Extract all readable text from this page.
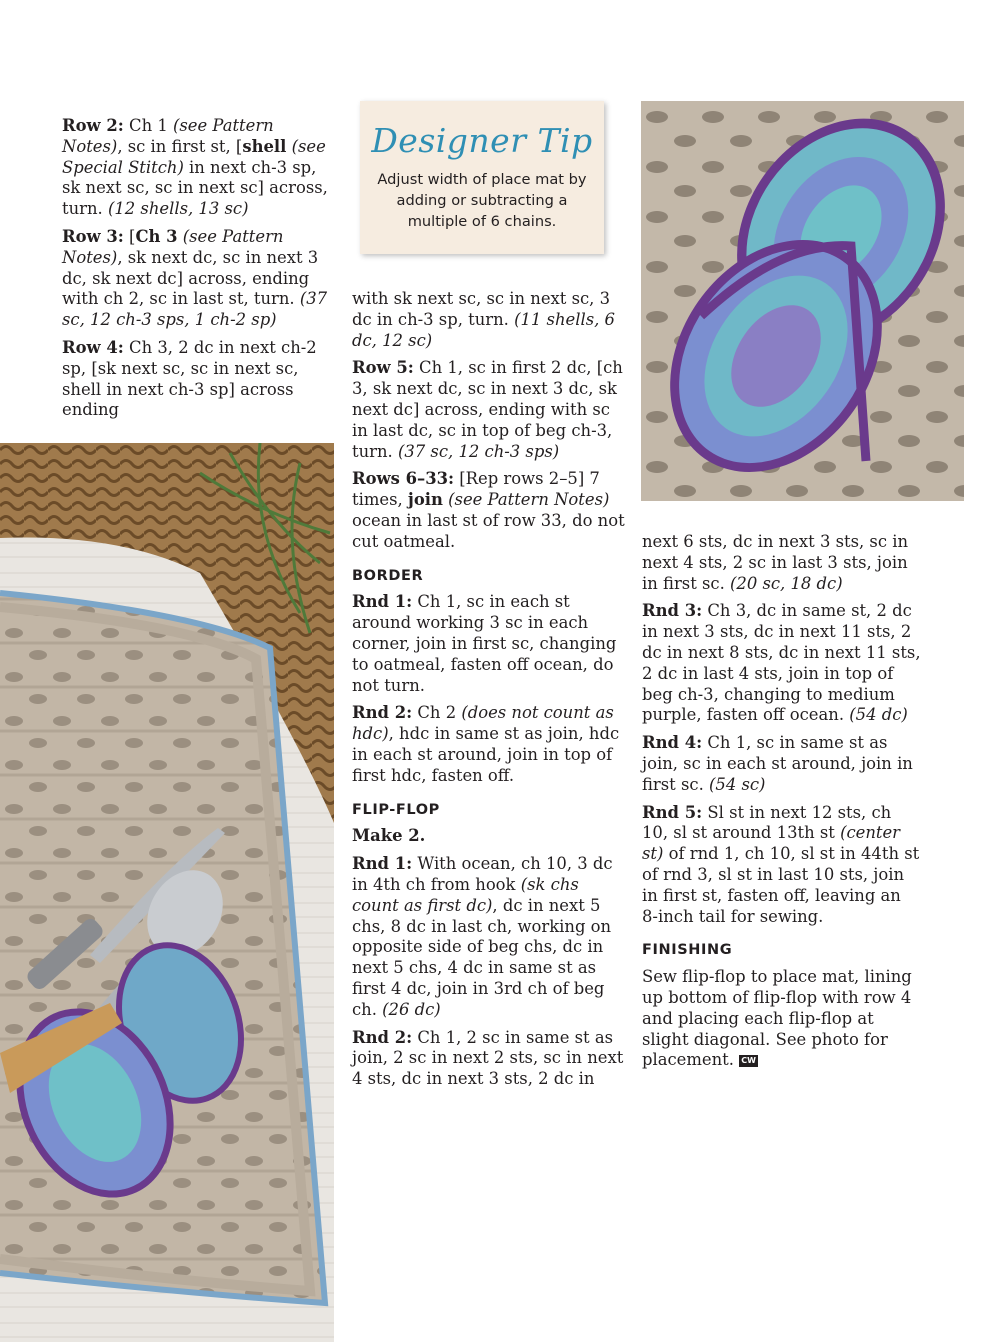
Row 2: Ch 1 (see Pattern Notes), sc in first st, [shell (see Special Stitch) in next ch-3 sp, sk next sc, sc in next sc] across, turn. (12 shells, 13 sc)

Row 3: [Ch 3 (see Pattern Notes), sk next dc, sc in next 3 dc, sk next dc] across, ending with ch 2, sc in last st, turn. (37 sc, 12 ch-3 sps, 1 ch-2 sp)

Row 4: Ch 3, 2 dc in next ch-2 sp, [sk next sc, sc in next sc, shell in next ch-3 sp] across ending

Designer Tip
Adjust width of place mat by adding or subtracting a multiple of 6 chains.

with sk next sc, sc in next sc, 3 dc in ch-3 sp, turn. (11 shells, 6 dc, 12 sc)

Row 5: Ch 1, sc in first 2 dc, [ch 3, sk next dc, sc in next 3 dc, sk next dc] across, ending with sc in last dc, sc in top of beg ch-3, turn. (37 sc, 12 ch-3 sps)

Rows 6–33: [Rep rows 2–5] 7 times, join (see Pattern Notes) ocean in last st of row 33, do not cut oatmeal.

BORDER

Rnd 1: Ch 1, sc in each st around working 3 sc in each corner, join in first sc, changing to oatmeal, fasten off ocean, do not turn.

Rnd 2: Ch 2 (does not count as hdc), hdc in same st as join, hdc in each st around, join in top of first hdc, fasten off.

FLIP-FLOP
Make 2.

Rnd 1: With ocean, ch 10, 3 dc in 4th ch from hook (sk chs count as first dc), dc in next 5 chs, 8 dc in last ch, working on opposite side of beg chs, dc in next 5 chs, 4 dc in same st as first 4 dc, join in 3rd ch of beg ch. (26 dc)

Rnd 2: Ch 1, 2 sc in same st as join, 2 sc in next 2 sts, sc in next 4 sts, dc in next 3 sts, 2 dc in

next 6 sts, dc in next 3 sts, sc in next 4 sts, 2 sc in last 3 sts, join in first sc. (20 sc, 18 dc)

Rnd 3: Ch 3, dc in same st, 2 dc in next 3 sts, dc in next 11 sts, 2 dc in next 8 sts, dc in next 11 sts, 2 dc in last 4 sts, join in top of beg ch-3, changing to medium purple, fasten off ocean. (54 dc)

Rnd 4: Ch 1, sc in same st as join, sc in each st around, join in first sc. (54 sc)

Rnd 5: Sl st in next 12 sts, ch 10, sl st around 13th st (center st) of rnd 1, ch 10, sl st in 44th st of rnd 3, sl st in last 10 sts, join in first st, fasten off, leaving an 8-inch tail for sewing.

FINISHING

Sew flip-flop to place mat, lining up bottom of flip-flop with row 4 and placing each flip-flop at slight diagonal. See photo for placement. CW
